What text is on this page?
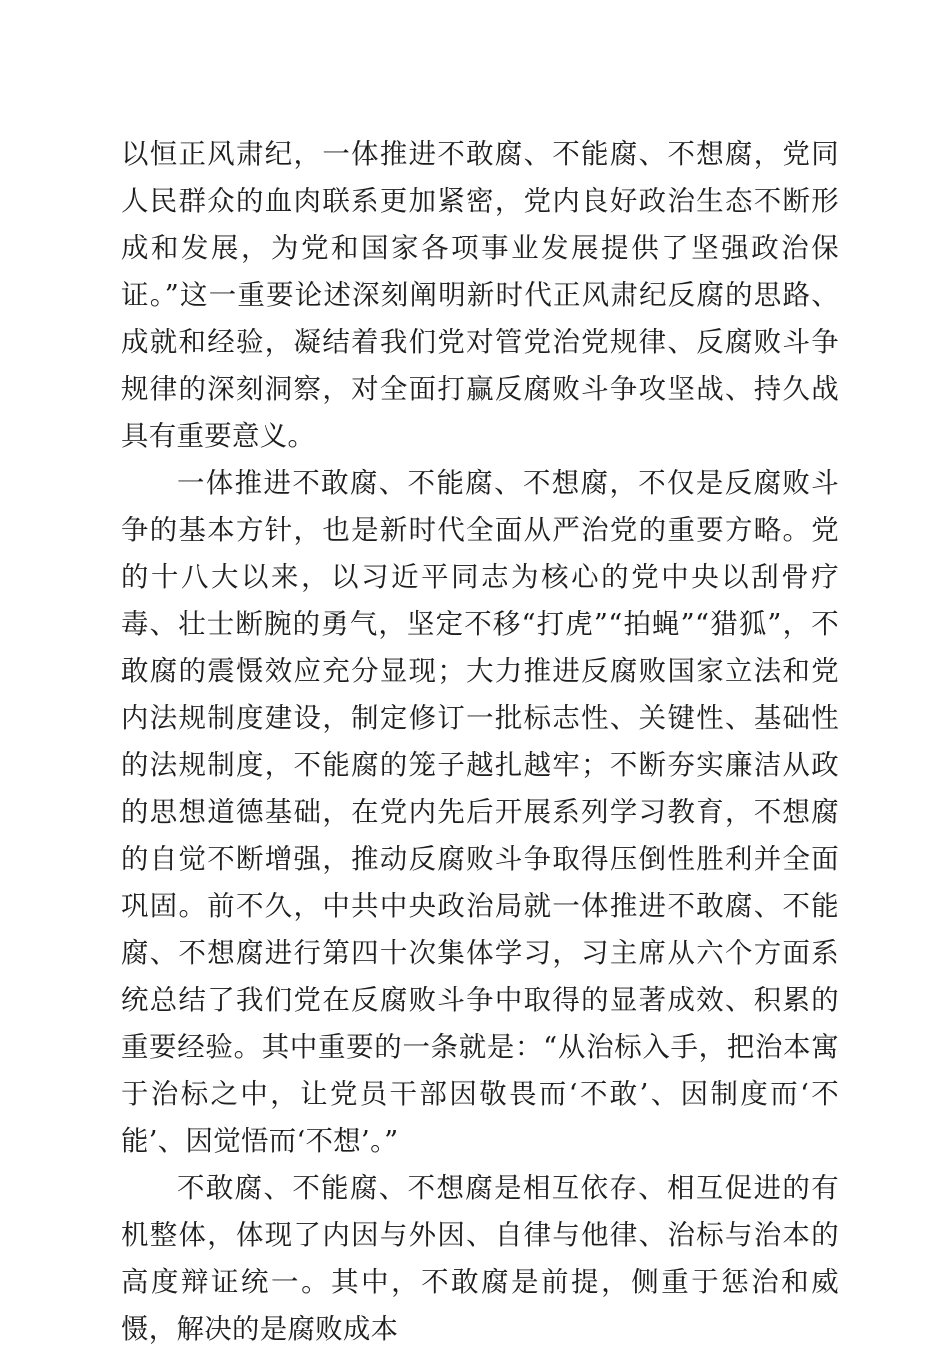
以恒正风肃纪，一体推进不敢腐、不能腐、不想腐，党同人民群众的血肉联系更加紧密，党内良好政治生态不断形成和发展，为党和国家各项事业发展提供了坚强政治保证。”这一重要论述深刻阐明新时代正风肃纪反腐的思路、成就和经验，凝结着我们党对管党治党规律、反腐败斗争规律的深刻洞察，对全面打赢反腐败斗争攻坚战、持久战具有重要意义。

一体推进不敢腐、不能腐、不想腐，不仅是反腐败斗争的基本方针，也是新时代全面从严治党的重要方略。党的十八大以来，以习近平同志为核心的党中央以刮骨疗毒、壮士断腕的勇气，坚定不移“打虎”“拍蝇”“猎狐”，不敢腐的震慑效应充分显现；大力推进反腐败国家立法和党内法规制度建设，制定修订一批标志性、关键性、基础性的法规制度，不能腐的笼子越扎越牢；不断夯实廉洁从政的思想道德基础，在党内先后开展系列学习教育，不想腐的自觉不断增强，推动反腐败斗争取得压倒性胜利并全面巩固。前不久，中共中央政治局就一体推进不敢腐、不能腐、不想腐进行第四十次集体学习，习主席从六个方面系统总结了我们党在反腐败斗争中取得的显著成效、积累的重要经验。其中重要的一条就是：“从治标入手，把治本寓于治标之中，让党员干部因敬畏而‘不敢’、因制度而‘不能’、因觉悟而‘不想’。”

不敢腐、不能腐、不想腐是相互依存、相互促进的有机整体，体现了内因与外因、自律与他律、治标与治本的高度辩证统一。其中，不敢腐是前提，侧重于惩治和威慑，解决的是腐败成本
